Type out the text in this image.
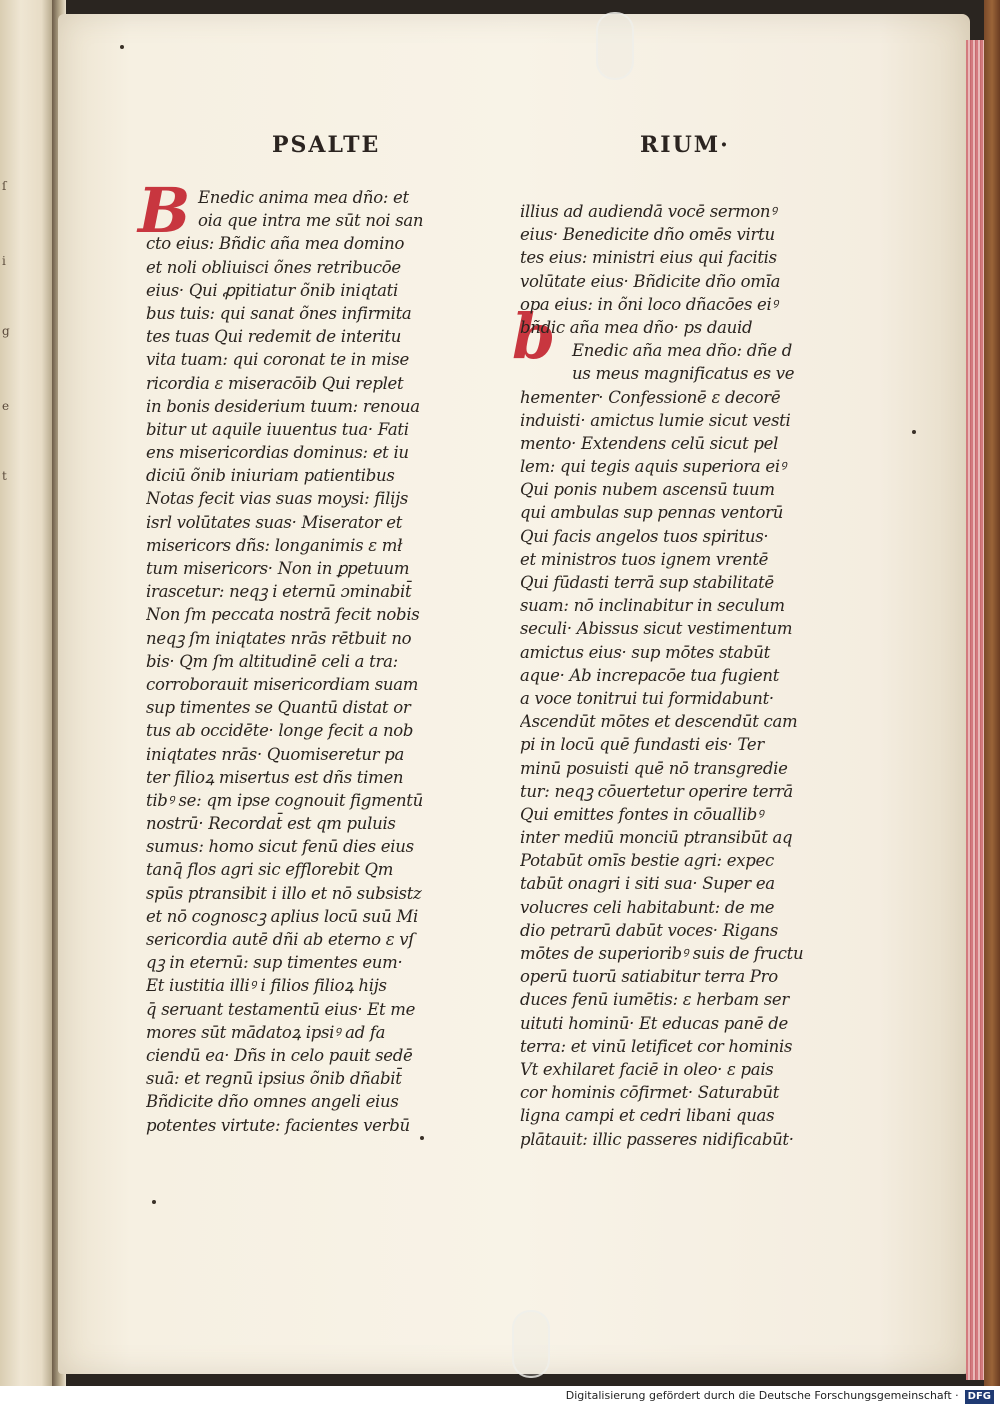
ſ
i
g
e
t
PSALTE	RIUM·
B
b
Enedic anima mea dño: et
oia que intra me sūt noi san
cto eius: Bñdic aña mea domino
et noli obliuisci õnes retribucōe
eius· Qui ꝓpitiatur õnib iniqtati
bus tuis: qui sanat õnes infirmita
tes tuas Qui redemit de interitu
vita tuam: qui coronat te in mise
ricordia ɛ miseracōib Qui replet
in bonis desiderium tuum: renoua
bitur ut aquile iuuentus tua· Fati
ens misericordias dominus: et iu
diciū õnib iniuriam patientibus
Notas fecit vias suas moysi: filijs
isrl volūtates suas· Miserator et
misericors dñs: longanimis ɛ mł
tum misericors· Non in ꝑpetuum
irascetur: neqꝫ i eternū ɔminabit̄
Non ſm peccata nostrā fecit nobis
neqꝫ ſm iniqtates nrās rētbuit no
bis· Qm ſm altitudinē celi a tra:
corroborauit misericordiam suam
sup timentes se Quantū distat or
tus ab occidēte· longe fecit a nob
iniqtates nrās· Quomiseretur pa
ter filioꝝ misertus est dñs timen
tibꝰ se: qm ipse cognouit figmentū
nostrū· Recordat̄ est qm puluis
sumus: homo sicut fenū dies eius
tanq̄ flos agri sic efflorebit Qm
spūs ptransibit i illo et nō subsistz
et nō cognoscꝫ aplius locū suū Mi
sericordia autē dñi ab eterno ɛ vſ
qꝫ in eternū: sup timentes eum·
Et iustitia illiꝰ i filios filioꝝ hijs
q̄ seruant testamentū eius· Et me
mores sūt mādatoꝝ ipsiꝰ ad fa
ciendū ea· Dñs in celo pauit sedē
suā: et regnū ipsius õnib dñabit̄
Bñdicite dño omnes angeli eius
potentes virtute: facientes verbū
illius ad audiendā vocē sermonꝰ
eius· Benedicite dño omēs virtu
tes eius: ministri eius qui facitis
volūtate eius· Bñdicite dño omīa
opa eius: in õni loco dñacōes eiꝰ
bñdic aña mea dño· ps dauid
Enedic aña mea dño: dñe d
us meus magnificatus es ve
hementer· Confessionē ɛ decorē
induisti· amictus lumie sicut vesti
mento· Extendens celū sicut pel
lem: qui tegis aquis superiora eiꝰ
Qui ponis nubem ascensū tuum
qui ambulas sup pennas ventorū
Qui facis angelos tuos spiritus·
et ministros tuos ignem vrentē
Qui fūdasti terrā sup stabilitatē
suam: nō inclinabitur in seculum
seculi· Abissus sicut vestimentum
amictus eius· sup mōtes stabūt
aque· Ab increpacōe tua fugient
a voce tonitrui tui formidabunt·
Ascendūt mōtes et descendūt cam
pi in locū quē fundasti eis· Ter
minū posuisti quē nō transgredie
tur: neqꝫ cōuertetur operire terrā
Qui emittes fontes in cōuallibꝰ
inter mediū monciū ptransibūt aq
Potabūt omīs bestie agri: expec
tabūt onagri i siti sua· Super ea
volucres celi habitabunt: de me
dio petrarū dabūt voces· Rigans
mōtes de superioribꝰ suis de fructu
operū tuorū satiabitur terra Pro
duces fenū iumētis: ɛ herbam ser
uituti hominū· Et educas panē de
terra: et vinū letificet cor hominis
Vt exhilaret faciē in oleo· ɛ pais
cor hominis cōfirmet· Saturabūt
ligna campi et cedri libani quas
plātauit: illic passeres nidificabūt·
Digitalisierung gefördert durch die Deutsche Forschungsgemeinschaft · DFG
